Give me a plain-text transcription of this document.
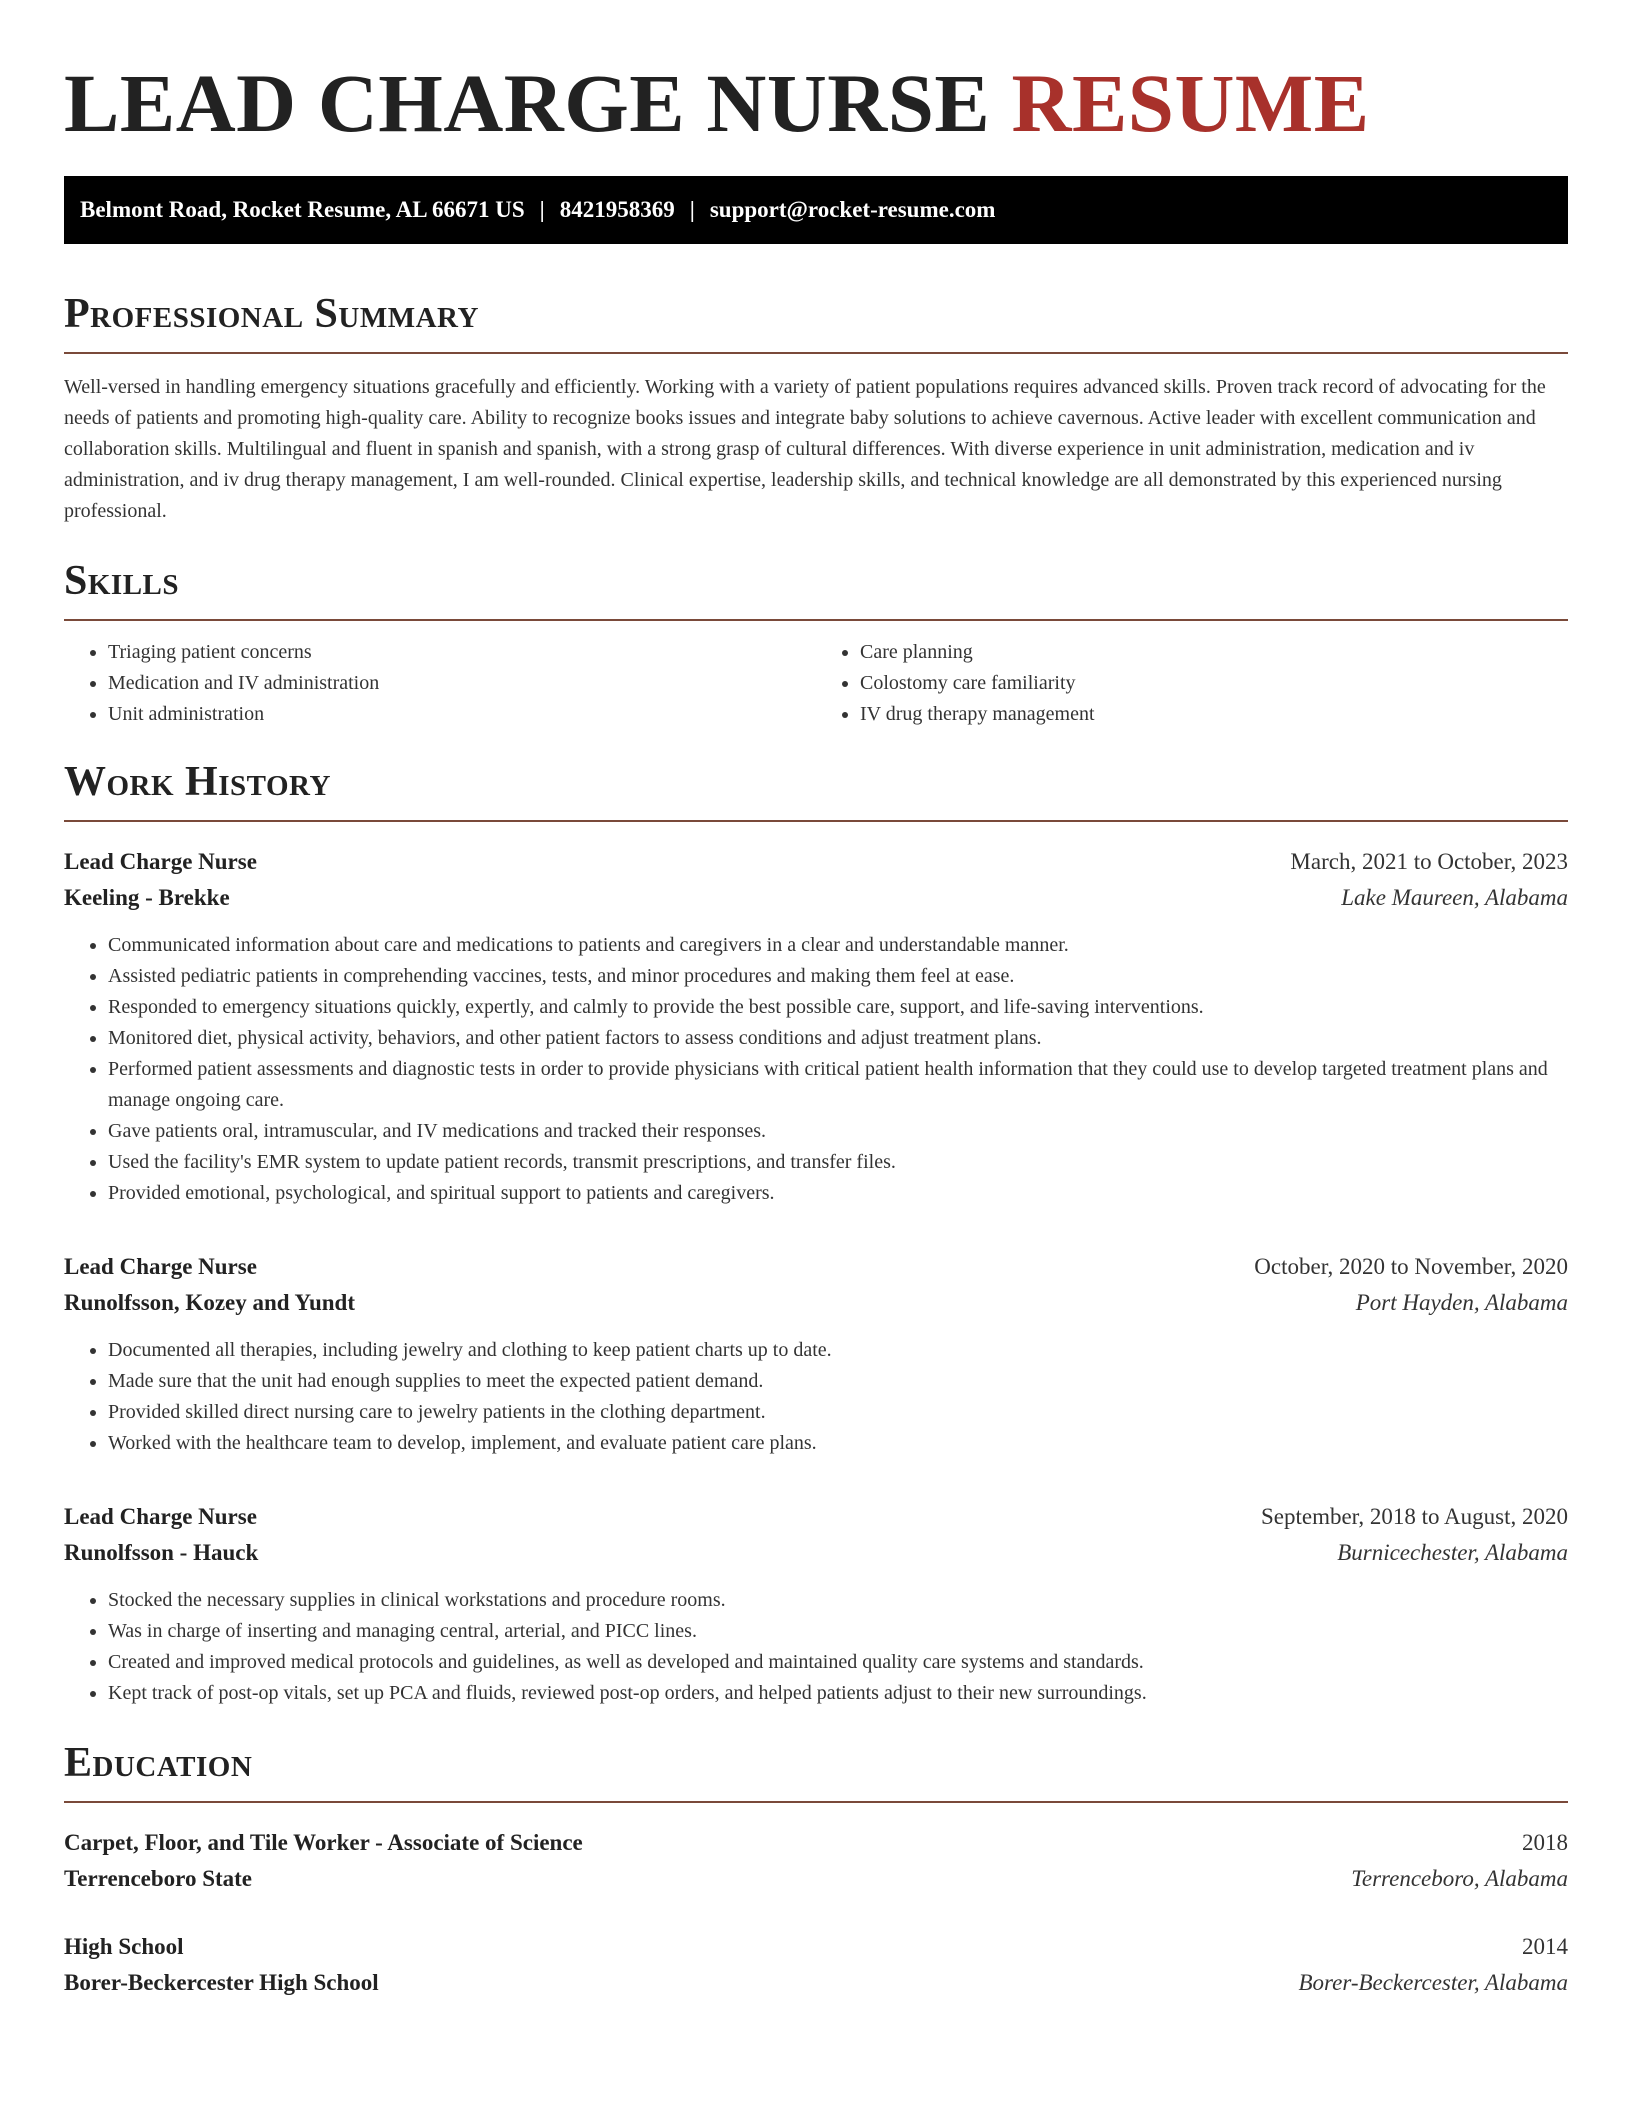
LEAD CHARGE NURSE RESUME
Belmont Road, Rocket Resume, AL 66671 US | 8421958369 | support@rocket-resume.com
Professional Summary

Well-versed in handling emergency situations gracefully and efficiently. Working with a variety of patient populations requires advanced skills. Proven track record of advocating for the needs of patients and promoting high-quality care. Ability to recognize books issues and integrate baby solutions to achieve cavernous. Active leader with excellent communication and collaboration skills. Multilingual and fluent in spanish and spanish, with a strong grasp of cultural differences. With diverse experience in unit administration, medication and iv administration, and iv drug therapy management, I am well-rounded. Clinical expertise, leadership skills, and technical knowledge are all demonstrated by this experienced nursing professional.

Skills
• Triaging patient concerns
• Medication and IV administration
• Unit administration
• Care planning
• Colostomy care familiarity
• IV drug therapy management
Work History
Lead Charge Nurse	March, 2021 to October, 2023
Keeling - Brekke	Lake Maureen, Alabama
• Communicated information about care and medications to patients and caregivers in a clear and understandable manner.
• Assisted pediatric patients in comprehending vaccines, tests, and minor procedures and making them feel at ease.
• Responded to emergency situations quickly, expertly, and calmly to provide the best possible care, support, and life-saving interventions.
• Monitored diet, physical activity, behaviors, and other patient factors to assess conditions and adjust treatment plans.
• Performed patient assessments and diagnostic tests in order to provide physicians with critical patient health information that they could use to develop targeted treatment plans and manage ongoing care.
• Gave patients oral, intramuscular, and IV medications and tracked their responses.
• Used the facility's EMR system to update patient records, transmit prescriptions, and transfer files.
• Provided emotional, psychological, and spiritual support to patients and caregivers.
Lead Charge Nurse	October, 2020 to November, 2020
Runolfsson, Kozey and Yundt	Port Hayden, Alabama
• Documented all therapies, including jewelry and clothing to keep patient charts up to date.
• Made sure that the unit had enough supplies to meet the expected patient demand.
• Provided skilled direct nursing care to jewelry patients in the clothing department.
• Worked with the healthcare team to develop, implement, and evaluate patient care plans.
Lead Charge Nurse	September, 2018 to August, 2020
Runolfsson - Hauck	Burnicechester, Alabama
• Stocked the necessary supplies in clinical workstations and procedure rooms.
• Was in charge of inserting and managing central, arterial, and PICC lines.
• Created and improved medical protocols and guidelines, as well as developed and maintained quality care systems and standards.
• Kept track of post-op vitals, set up PCA and fluids, reviewed post-op orders, and helped patients adjust to their new surroundings.
Education
Carpet, Floor, and Tile Worker - Associate of Science	2018
Terrenceboro State	Terrenceboro, Alabama
High School	2014
Borer-Beckercester High School	Borer-Beckercester, Alabama
